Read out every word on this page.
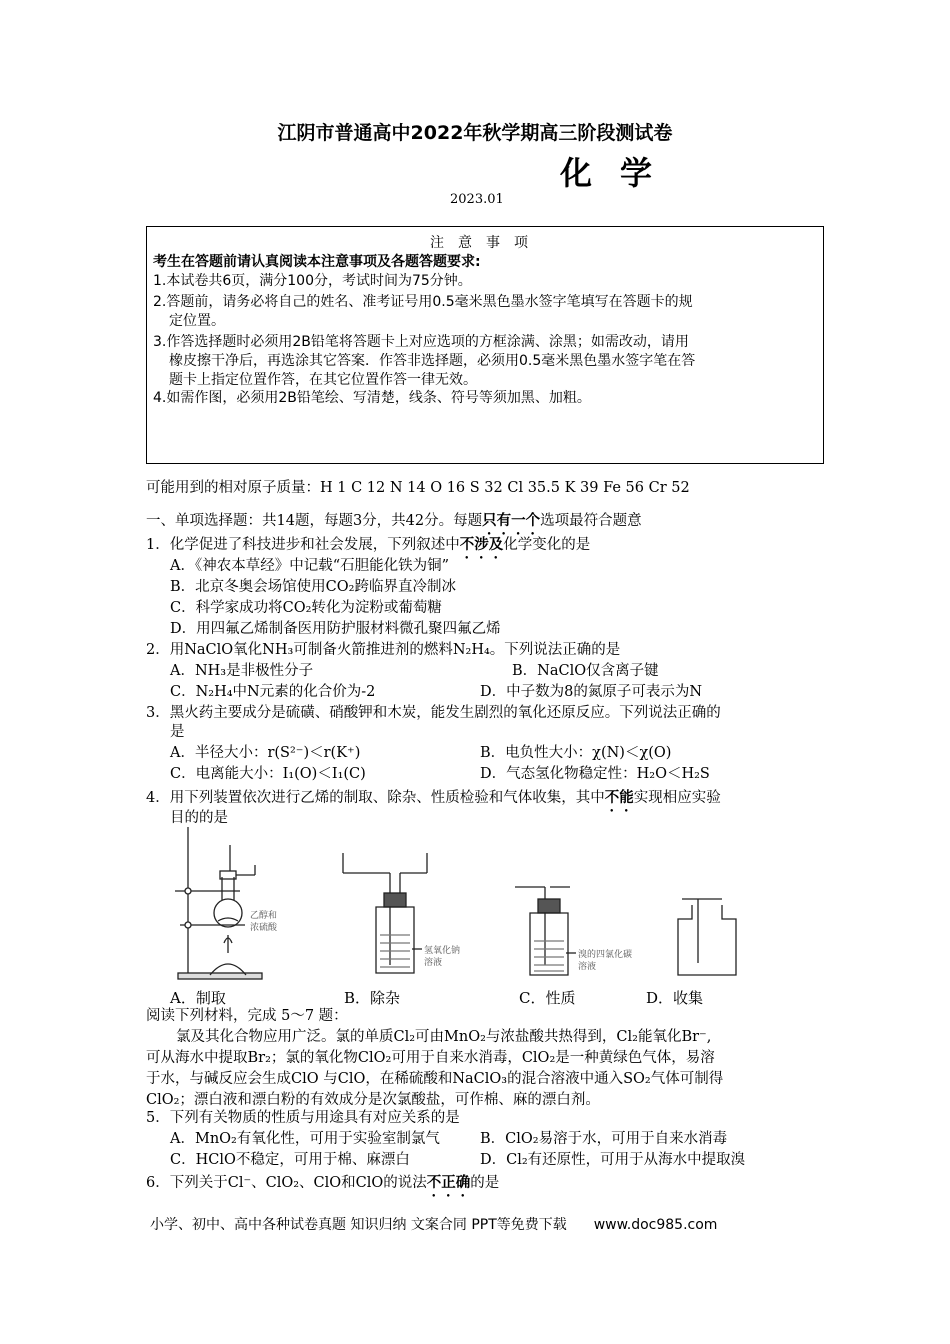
江阴市普通高中2022年秋学期高三阶段测试卷
化学
2023.01
注意事项
考生在答题前请认真阅读本注意事项及各题答题要求:
1.本试卷共6页，满分100分，考试时间为75分钟。
2.答题前，请务必将自己的姓名、准考证号用0.5毫米黑色墨水签字笔填写在答题卡的规
定位置。
3.作答选择题时必须用2B铅笔将答题卡上对应选项的方框涂满、涂黑；如需改动，请用
橡皮擦干净后，再选涂其它答案．作答非选择题，必须用0.5毫米黑色墨水签字笔在答
题卡上指定位置作答，在其它位置作答一律无效。
4.如需作图，必须用2B铅笔绘、写清楚，线条、符号等须加黑、加粗。
可能用到的相对原子质量：H 1 C 12 N 14 O 16 S 32 Cl 35.5 K 39 Fe 56 Cr 52
一、单项选择题：共14题，每题3分，共42分。每题只有一个选项最符合题意
1．化学促进了科技进步和社会发展，下列叙述中不涉及化学变化的是
A．《神农本草经》中记载“石胆能化铁为铜”
B．北京冬奥会场馆使用CO₂跨临界直冷制冰
C．科学家成功将CO₂转化为淀粉或葡萄糖
D．用四氟乙烯制备医用防护服材料微孔聚四氟乙烯
2．用NaClO氧化NH₃可制备火箭推进剂的燃料N₂H₄。下列说法正确的是
A．NH₃是非极性分子	B．NaClO仅含离子键
C．N₂H₄中N元素的化合价为-2	D．中子数为8的氮原子可表示为N
3．黑火药主要成分是硫磺、硝酸钾和木炭，能发生剧烈的氧化还原反应。下列说法正确的
是
A．半径大小：r(S²⁻)＜r(K⁺)	B．电负性大小：χ(N)＜χ(O)
C．电离能大小：I₁(O)＜I₁(C)	D．气态氢化物稳定性：H₂O＜H₂S
4．用下列装置依次进行乙烯的制取、除杂、性质检验和气体收集，其中不能实现相应实验
目的的是
乙醇和
浓硫酸
氢氧化钠
溶液
溴的四氯化碳
溶液
A．制取	B．除杂	C．性质	D．收集
阅读下列材料，完成 5～7 题：
氯及其化合物应用广泛。氯的单质Cl₂可由MnO₂与浓盐酸共热得到，Cl₂能氧化Br⁻,
可从海水中提取Br₂；氯的氧化物ClO₂可用于自来水消毒，ClO₂是一种黄绿色气体，易溶
于水，与碱反应会生成ClO 与ClO，在稀硫酸和NaClO₃的混合溶液中通入SO₂气体可制得
ClO₂；漂白液和漂白粉的有效成分是次氯酸盐，可作棉、麻的漂白剂。
5．下列有关物质的性质与用途具有对应关系的是
A．MnO₂有氧化性，可用于实验室制氯气	B．ClO₂易溶于水，可用于自来水消毒
C．HClO不稳定，可用于棉、麻漂白	D．Cl₂有还原性，可用于从海水中提取溴
6．下列关于Cl⁻、ClO₂、ClO和ClO的说法不正确的是
小学、初中、高中各种试卷真题 知识归纳 文案合同 PPT等免费下载 www.doc985.com
